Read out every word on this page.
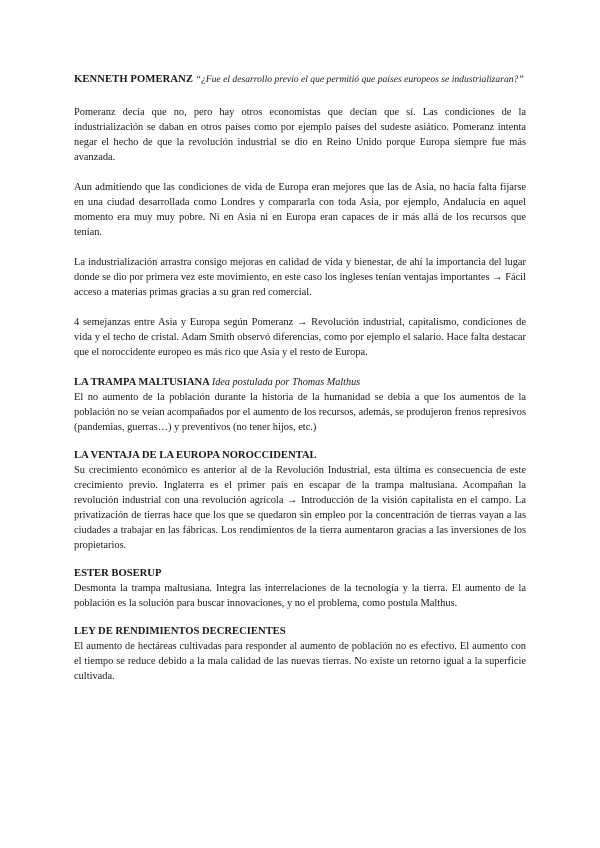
KENNETH POMERANZ “¿Fue el desarrollo previo el que permitió que países europeos se industrializaran?”

Pomeranz decía que no, pero hay otros economistas que decían que sí. Las condiciones de la industrialización se daban en otros países como por ejemplo países del sudeste asiático. Pomeranz intenta negar el hecho de que la revolución industrial se dio en Reino Unido porque Europa siempre fue más avanzada.

Aun admitiendo que las condiciones de vida de Europa eran mejores que las de Asia, no hacía falta fijarse en una ciudad desarrollada como Londres y compararla con toda Asia, por ejemplo, Andalucía en aquel momento era muy muy pobre. Ni en Asia ni en Europa eran capaces de ir más allá de los recursos que tenían.

La industrialización arrastra consigo mejoras en calidad de vida y bienestar, de ahí la importancia del lugar donde se dio por primera vez este movimiento, en este caso los ingleses tenían ventajas importantes → Fácil acceso a materias primas gracias a su gran red comercial.

4 semejanzas entre Asia y Europa según Pomeranz → Revolución industrial, capitalismo, condiciones de vida y el techo de cristal. Adam Smith observó diferencias, como por ejemplo el salario. Hace falta destacar que el noroccidente europeo es más rico que Asia y el resto de Europa.

LA TRAMPA MALTUSIANA Idea postulada por Thomas Malthus

El no aumento de la población durante la historia de la humanidad se debía a que los aumentos de la población no se veían acompañados por el aumento de los recursos, además, se produjeron frenos represivos (pandemias, guerras…) y preventivos (no tener hijos, etc.)

LA VENTAJA DE LA EUROPA NOROCCIDENTAL

Su crecimiento económico es anterior al de la Revolución Industrial, esta última es consecuencia de este crecimiento previo. Inglaterra es el primer país en escapar de la trampa maltusiana. Acompañan la revolución industrial con una revolución agrícola → Introducción de la visión capitalista en el campo. La privatización de tierras hace que los que se quedaron sin empleo por la concentración de tierras vayan a las ciudades a trabajar en las fábricas. Los rendimientos de la tierra aumentaron gracias a las inversiones de los propietarios.

ESTER BOSERUP

Desmonta la trampa maltusiana. Integra las interrelaciones de la tecnología y la tierra. El aumento de la población es la solución para buscar innovaciones, y no el problema, como postula Malthus.

LEY DE RENDIMIENTOS DECRECIENTES

El aumento de hectáreas cultivadas para responder al aumento de población no es efectivo. El aumento con el tiempo se reduce debido a la mala calidad de las nuevas tierras. No existe un retorno igual a la superficie cultivada.
